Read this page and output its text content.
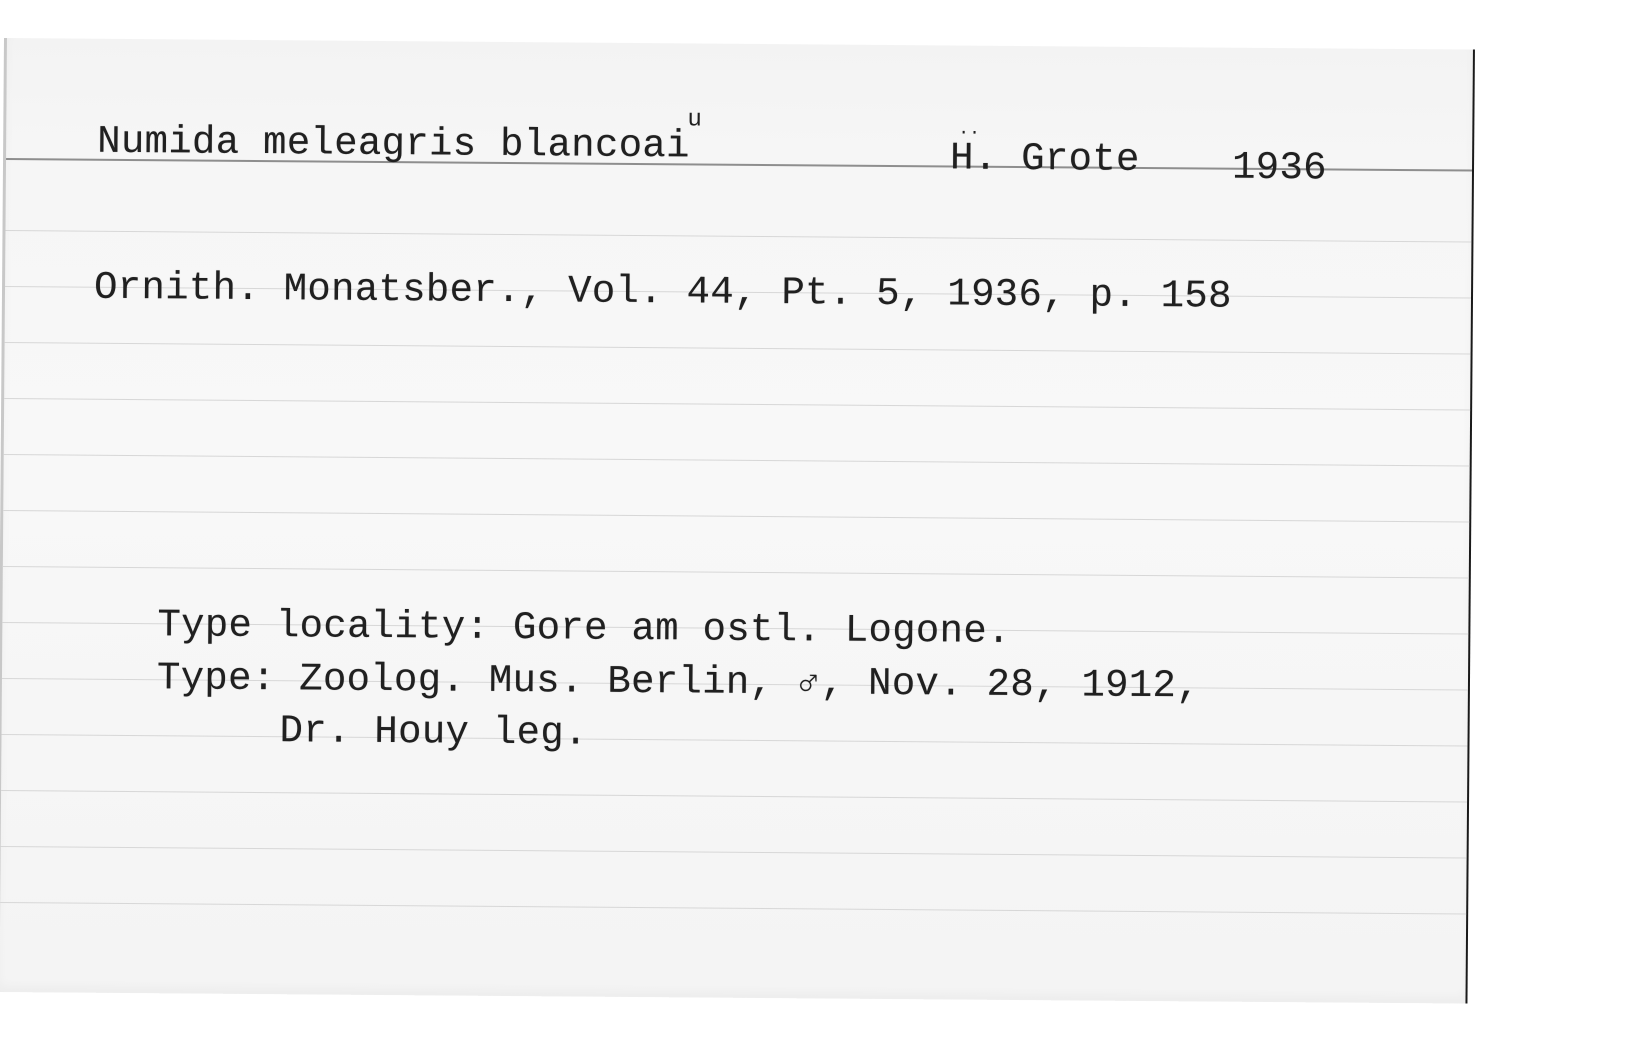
u
Numida meleagris blancoai	..
H. Grote 1936
Ornith. Monatsber., Vol. 44, Pt. 5, 1936, p. 158
Type locality: Gore am ostl. Logone.
Type: Zoolog. Mus. Berlin, ♂, Nov. 28, 1912,
Dr. Houy leg.
